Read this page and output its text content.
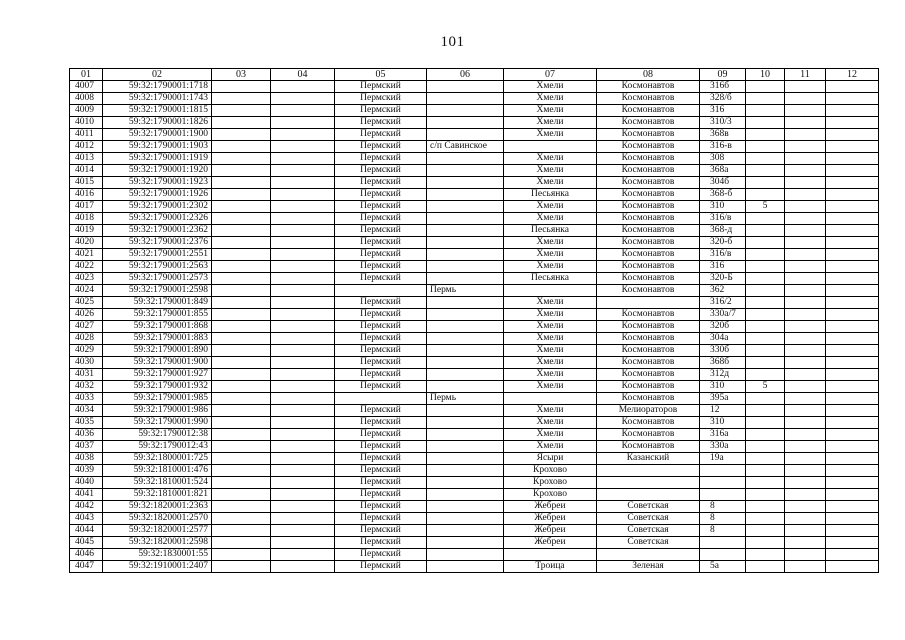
101
01	02	03	04	05	06	07	08	09	10	11	12
4007	59:32:1790001:1718			Пермский		Хмели	Космонавтов	316б			
4008	59:32:1790001:1743			Пермский		Хмели	Космонавтов	328/б			
4009	59:32:1790001:1815			Пермский		Хмели	Космонавтов	316			
4010	59:32:1790001:1826			Пермский		Хмели	Космонавтов	310/3			
4011	59:32:1790001:1900			Пермский		Хмели	Космонавтов	368в			
4012	59:32:1790001:1903			Пермский	с/п Савинское		Космонавтов	316-в			
4013	59:32:1790001:1919			Пермский		Хмели	Космонавтов	308			
4014	59:32:1790001:1920			Пермский		Хмели	Космонавтов	368а			
4015	59:32:1790001:1923			Пермский		Хмели	Космонавтов	304б			
4016	59:32:1790001:1926			Пермский		Песьянка	Космонавтов	368-б			
4017	59:32:1790001:2302			Пермский		Хмели	Космонавтов	310	5		
4018	59:32:1790001:2326			Пермский		Хмели	Космонавтов	316/в			
4019	59:32:1790001:2362			Пермский		Песьянка	Космонавтов	368-д			
4020	59:32:1790001:2376			Пермский		Хмели	Космонавтов	320-б			
4021	59:32:1790001:2551			Пермский		Хмели	Космонавтов	316/в			
4022	59:32:1790001:2563			Пермский		Хмели	Космонавтов	316			
4023	59:32:1790001:2573			Пермский		Песьянка	Космонавтов	320-Б			
4024	59:32:1790001:2598				Пермь		Космонавтов	362			
4025	59:32:1790001:849			Пермский		Хмели		316/2			
4026	59:32:1790001:855			Пермский		Хмели	Космонавтов	330а/7			
4027	59:32:1790001:868			Пермский		Хмели	Космонавтов	320б			
4028	59:32:1790001:883			Пермский		Хмели	Космонавтов	304а			
4029	59:32:1790001:890			Пермский		Хмели	Космонавтов	330б			
4030	59:32:1790001:900			Пермский		Хмели	Космонавтов	368б			
4031	59:32:1790001:927			Пермский		Хмели	Космонавтов	312д			
4032	59:32:1790001:932			Пермский		Хмели	Космонавтов	310	5		
4033	59:32:1790001:985				Пермь		Космонавтов	395а			
4034	59:32:1790001:986			Пермский		Хмели	Мелиораторов	12			
4035	59:32:1790001:990			Пермский		Хмели	Космонавтов	310			
4036	59:32:1790012:38			Пермский		Хмели	Космонавтов	316а			
4037	59:32:1790012:43			Пермский		Хмели	Космонавтов	330а			
4038	59:32:1800001:725			Пермский		Ясыри	Казанский	19а			
4039	59:32:1810001:476			Пермский		Крохово					
4040	59:32:1810001:524			Пермский		Крохово					
4041	59:32:1810001:821			Пермский		Крохово					
4042	59:32:1820001:2363			Пермский		Жебреи	Советская	8			
4043	59:32:1820001:2570			Пермский		Жебреи	Советская	8			
4044	59:32:1820001:2577			Пермский		Жебреи	Советская	8			
4045	59:32:1820001:2598			Пермский		Жебреи	Советская				
4046	59:32:1830001:55			Пермский							
4047	59:32:1910001:2407			Пермский		Троица	Зеленая	5а			
